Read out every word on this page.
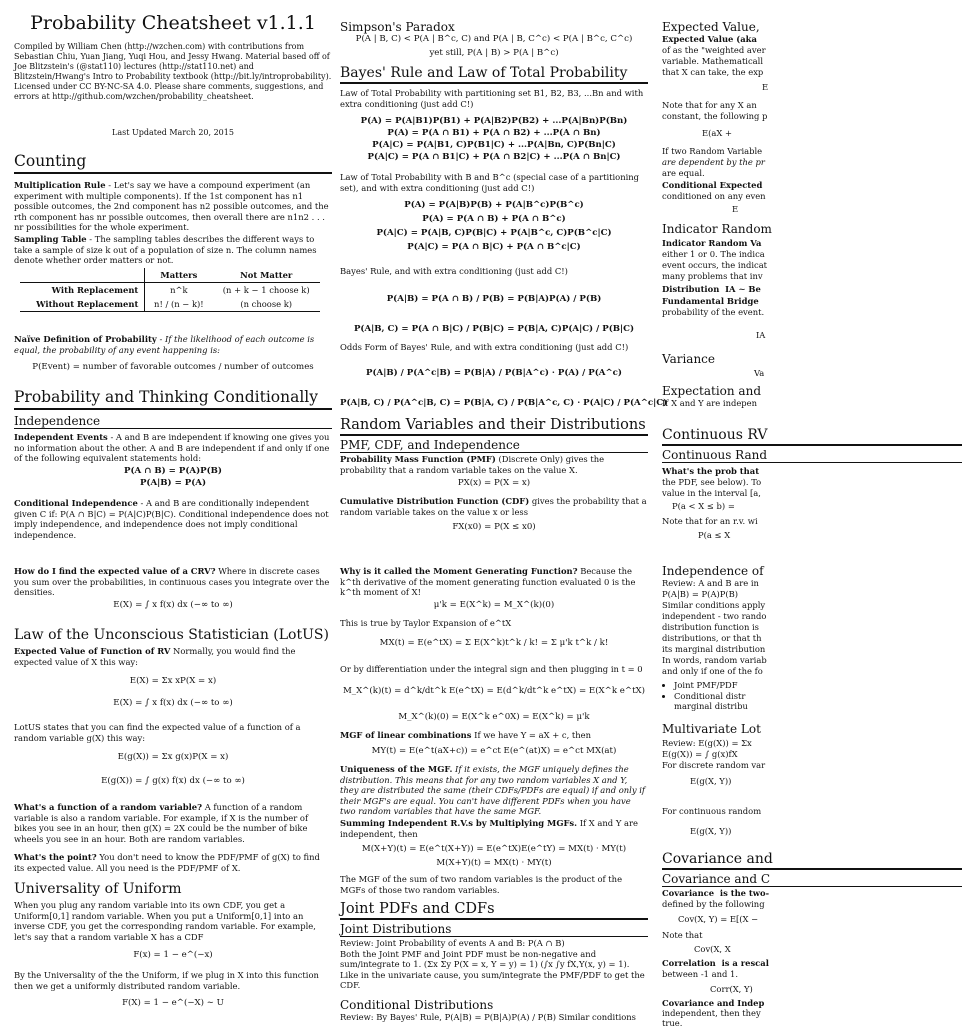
Probability Cheatsheet v1.1.1
Compiled by William Chen (http://wzchen.com) with contributions from Sebastian Chiu, Yuan Jiang, Yuqi Hou, and Jessy Hwang. Material based off of Joe Blitzstein's (@stat110) lectures (http://stat110.net) and Blitzstein/Hwang's Intro to Probability textbook (http://bit.ly/introprobability). Licensed under CC BY-NC-SA 4.0. Please share comments, suggestions, and errors at http://github.com/wzchen/probability_cheatsheet.
Last Updated March 20, 2015
Counting
Multiplication Rule - Let's say we have a compound experiment (an experiment with multiple components). If the 1st component has n1 possible outcomes, the 2nd component has n2 possible outcomes, and the rth component has nr possible outcomes, then overall there are n1n2 . . . nr possibilities for the whole experiment.
Sampling Table - The sampling tables describes the different ways to take a sample of size k out of a population of size n. The column names denote whether order matters or not.
	Matters	Not Matter
With Replacement	n^k	(n + k − 1 choose k)
Without Replacement	n! / (n − k)!	(n choose k)
Naïve Definition of Probability - If the likelihood of each outcome is equal, the probability of any event happening is:
P(Event) = number of favorable outcomes / number of outcomes
Probability and Thinking Conditionally
Independence
Independent Events - A and B are independent if knowing one gives you no information about the other. A and B are independent if and only if one of the following equivalent statements hold:
P(A ∩ B) = P(A)P(B)
P(A|B) = P(A)
Conditional Independence - A and B are conditionally independent given C if: P(A ∩ B|C) = P(A|C)P(B|C). Conditional independence does not imply independence, and independence does not imply conditional independence.
How do I find the expected value of a CRV? Where in discrete cases you sum over the probabilities, in continuous cases you integrate over the densities.
E(X) = ∫ x f(x) dx (−∞ to ∞)
Law of the Unconscious Statistician (LotUS)
Expected Value of Function of RV Normally, you would find the expected value of X this way:
E(X) = Σx xP(X = x)
E(X) = ∫ x f(x) dx (−∞ to ∞)
LotUS states that you can find the expected value of a function of a random variable g(X) this way:
E(g(X)) = Σx g(x)P(X = x)
E(g(X)) = ∫ g(x) f(x) dx (−∞ to ∞)
What's a function of a random variable? A function of a random variable is also a random variable. For example, if X is the number of bikes you see in an hour, then g(X) = 2X could be the number of bike wheels you see in an hour. Both are random variables.
What's the point? You don't need to know the PDF/PMF of g(X) to find its expected value. All you need is the PDF/PMF of X.
Universality of Uniform
When you plug any random variable into its own CDF, you get a Uniform[0,1] random variable. When you put a Uniform[0,1] into an inverse CDF, you get the corresponding random variable. For example, let's say that a random variable X has a CDF
F(x) = 1 − e^(−x)
By the Universality of the the Uniform, if we plug in X into this function then we get a uniformly distributed random variable.
F(X) = 1 − e^(−X) ∼ U
Simpson's Paradox
P(A | B, C) < P(A | B^c, C) and P(A | B, C^c) < P(A | B^c, C^c)
yet still, P(A | B) > P(A | B^c)
Bayes' Rule and Law of Total Probability
Law of Total Probability with partitioning set B1, B2, B3, ...Bn and with extra conditioning (just add C!)
P(A) = P(A|B1)P(B1) + P(A|B2)P(B2) + ...P(A|Bn)P(Bn)
P(A) = P(A ∩ B1) + P(A ∩ B2) + ...P(A ∩ Bn)
P(A|C) = P(A|B1, C)P(B1|C) + ...P(A|Bn, C)P(Bn|C)
P(A|C) = P(A ∩ B1|C) + P(A ∩ B2|C) + ...P(A ∩ Bn|C)
Law of Total Probability with B and B^c (special case of a partitioning set), and with extra conditioning (just add C!)
P(A) = P(A|B)P(B) + P(A|B^c)P(B^c)
P(A) = P(A ∩ B) + P(A ∩ B^c)
P(A|C) = P(A|B, C)P(B|C) + P(A|B^c, C)P(B^c|C)
P(A|C) = P(A ∩ B|C) + P(A ∩ B^c|C)
Bayes' Rule, and with extra conditioning (just add C!)
P(A|B) = P(A ∩ B) / P(B) = P(B|A)P(A) / P(B)
P(A|B, C) = P(A ∩ B|C) / P(B|C) = P(B|A, C)P(A|C) / P(B|C)
Odds Form of Bayes' Rule, and with extra conditioning (just add C!)
P(A|B) / P(A^c|B) = P(B|A) / P(B|A^c) · P(A) / P(A^c)
P(A|B, C) / P(A^c|B, C) = P(B|A, C) / P(B|A^c, C) · P(A|C) / P(A^c|C)
Random Variables and their Distributions
PMF, CDF, and Independence
Probability Mass Function (PMF) (Discrete Only) gives the probability that a random variable takes on the value X.
PX(x) = P(X = x)
Cumulative Distribution Function (CDF) gives the probability that a random variable takes on the value x or less
FX(x0) = P(X ≤ x0)
Why is it called the Moment Generating Function? Because the k^th derivative of the moment generating function evaluated 0 is the k^th moment of X!
μ'k = E(X^k) = M_X^(k)(0)
This is true by Taylor Expansion of e^tX
MX(t) = E(e^tX) = Σ E(X^k)t^k / k! = Σ μ'k t^k / k!
Or by differentiation under the integral sign and then plugging in t = 0
M_X^(k)(t) = d^k/dt^k E(e^tX) = E(d^k/dt^k e^tX) = E(X^k e^tX)
M_X^(k)(0) = E(X^k e^0X) = E(X^k) = μ'k
MGF of linear combinations If we have Y = aX + c, then
MY(t) = E(e^t(aX+c)) = e^ct E(e^(at)X) = e^ct MX(at)
Uniqueness of the MGF. If it exists, the MGF uniquely defines the distribution. This means that for any two random variables X and Y, they are distributed the same (their CDFs/PDFs are equal) if and only if their MGF's are equal. You can't have different PDFs when you have two random variables that have the same MGF.
Summing Independent R.V.s by Multiplying MGFs. If X and Y are independent, then
M(X+Y)(t) = E(e^t(X+Y)) = E(e^tX)E(e^tY) = MX(t) · MY(t)
M(X+Y)(t) = MX(t) · MY(t)
The MGF of the sum of two random variables is the product of the MGFs of those two random variables.
Joint PDFs and CDFs
Joint Distributions
Review: Joint Probability of events A and B: P(A ∩ B)
Both the Joint PMF and Joint PDF must be non-negative and sum/integrate to 1. (Σx Σy P(X = x, Y = y) = 1) (∫x ∫y fX,Y(x, y) = 1). Like in the univariate cause, you sum/integrate the PMF/PDF to get the CDF.
Conditional Distributions
Review: By Bayes' Rule, P(A|B) = P(B|A)P(A) / P(B) Similar conditions
Expected Value,
Expected Value (aka
of as the "weighted aver
variable. Mathematicall
that X can take, the exp
E
Note that for any X an
constant, the following p
E(aX +
If two Random Variable
are dependent by the pr
are equal.
Conditional Expected
conditioned on any even
E
Indicator Random
Indicator Random Va
either 1 or 0. The indica
event occurs, the indicat
many problems that inv
Distribution  IA ∼ Be
Fundamental Bridge
probability of the event.
IA
Variance
Va
Expectation and
If X and Y are indepen
Continuous RV
Continuous Rand
What's the prob that
the PDF, see below). To
value in the interval [a,
P(a < X ≤ b) =
Note that for an r.v. wi
P(a ≤ X
Independence of
Review: A and B are in
P(A|B) = P(A)P(B)
Similar conditions apply
independent - two rando
distribution function is
distributions, or that th
its marginal distribution
In words, random variab
and only if one of the fo
• Joint PMF/PDF
• Conditional distr
marginal distribu
Multivariate Lot
Review: E(g(X)) = Σx
E(g(X)) = ∫ g(x)fX
For discrete random var
E(g(X, Y))
For continuous random
E(g(X, Y))
Covariance and
Covariance and C
Covariance  is the two-
defined by the following
Cov(X, Y) = E[(X −
Note that
Cov(X, X
Correlation  is a rescal
between -1 and 1.
Corr(X, Y)
Covariance and Indep
independent, then they
true.
